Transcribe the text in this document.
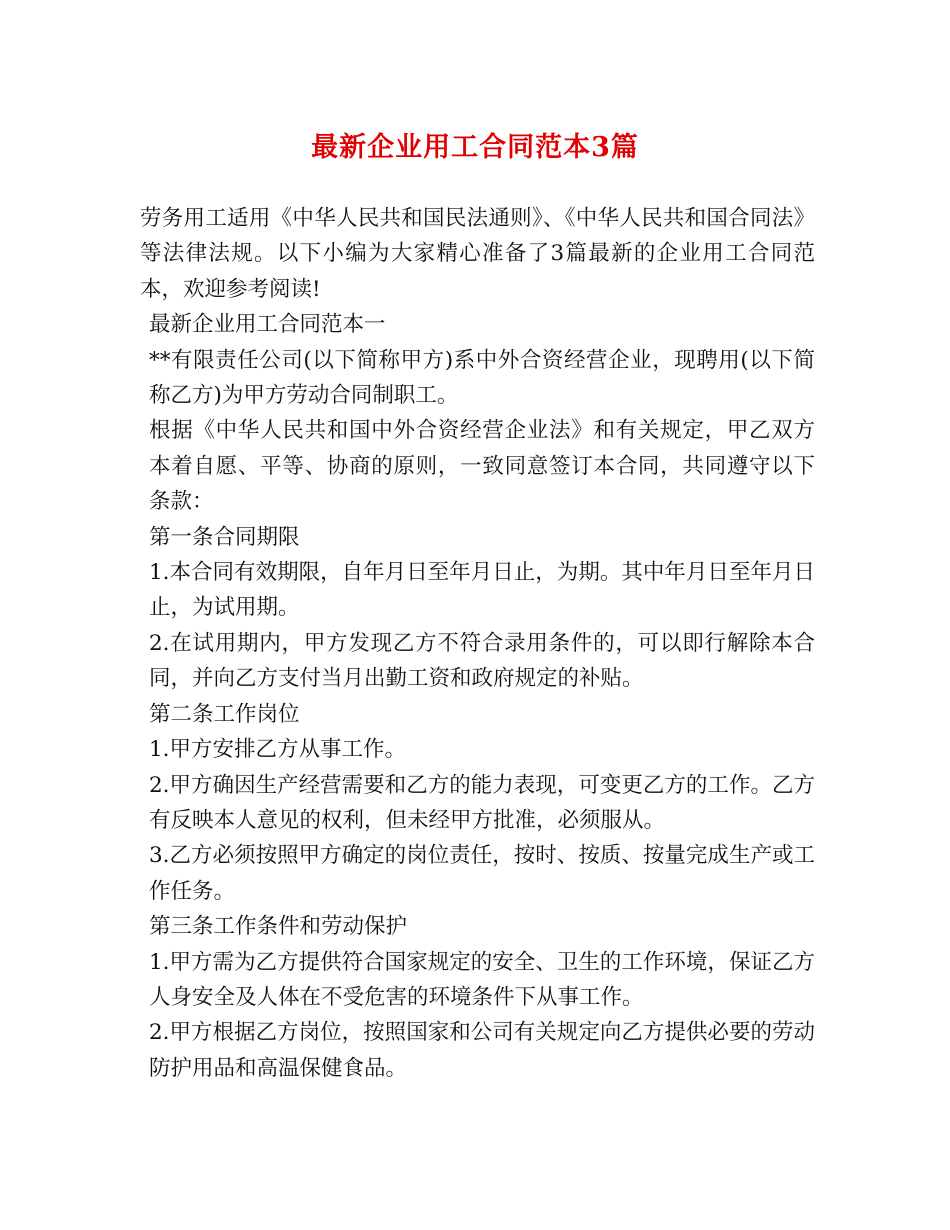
最新企业用工合同范本3篇

劳务用工适用《中华人民共和国民法通则》、《中华人民共和国合同法》等法律法规。以下小编为大家精心准备了3篇最新的企业用工合同范本，欢迎参考阅读!

最新企业用工合同范本一

**有限责任公司(以下简称甲方)系中外合资经营企业，现聘用(以下简称乙方)为甲方劳动合同制职工。

根据《中华人民共和国中外合资经营企业法》和有关规定，甲乙双方本着自愿、平等、协商的原则，一致同意签订本合同，共同遵守以下条款：

第一条合同期限

1.本合同有效期限，自年月日至年月日止，为期。其中年月日至年月日止，为试用期。

2.在试用期内，甲方发现乙方不符合录用条件的，可以即行解除本合同，并向乙方支付当月出勤工资和政府规定的补贴。

第二条工作岗位

1.甲方安排乙方从事工作。

2.甲方确因生产经营需要和乙方的能力表现，可变更乙方的工作。乙方有反映本人意见的权利，但未经甲方批准，必须服从。

3.乙方必须按照甲方确定的岗位责任，按时、按质、按量完成生产或工作任务。

第三条工作条件和劳动保护

1.甲方需为乙方提供符合国家规定的安全、卫生的工作环境，保证乙方人身安全及人体在不受危害的环境条件下从事工作。

2.甲方根据乙方岗位，按照国家和公司有关规定向乙方提供必要的劳动防护用品和高温保健食品。
